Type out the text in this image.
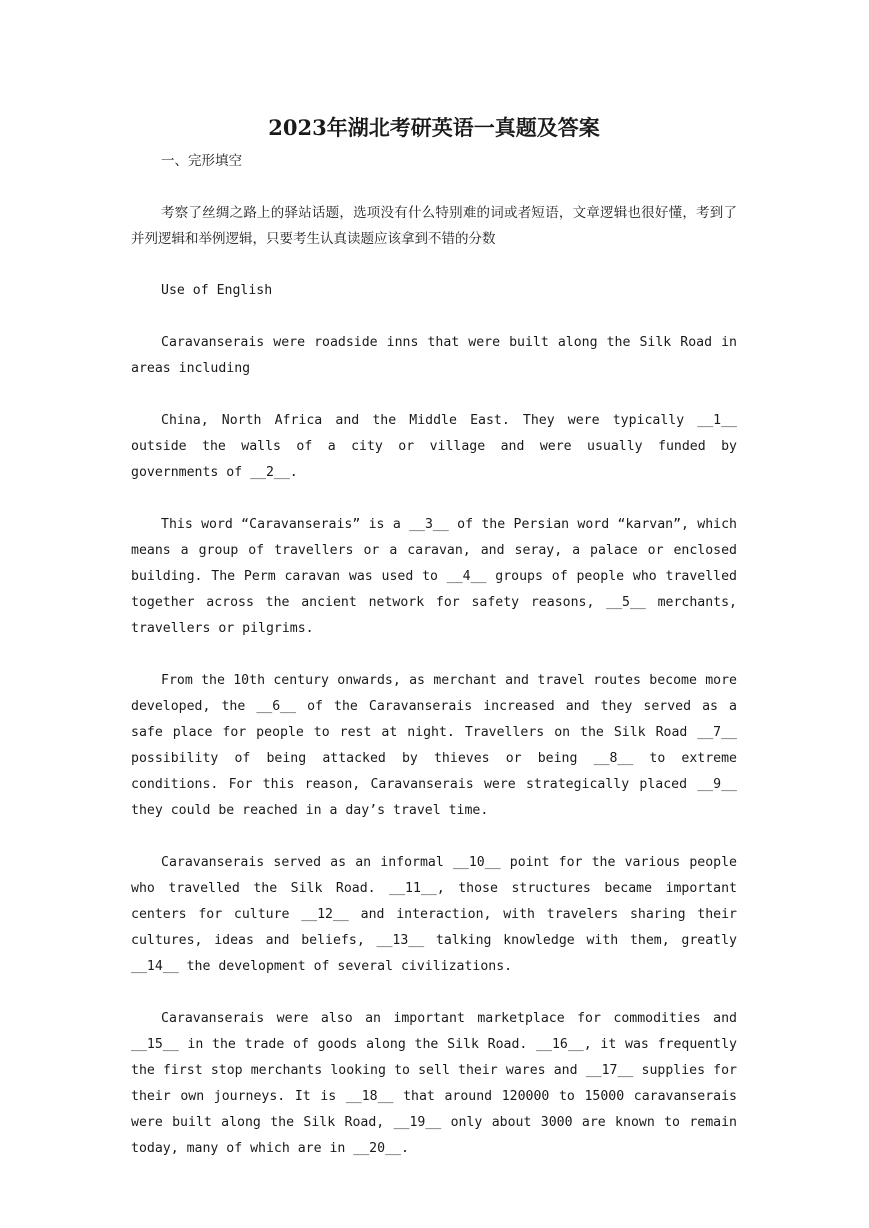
2023年湖北考研英语一真题及答案

一、完形填空

考察了丝绸之路上的驿站话题，选项没有什么特别难的词或者短语，文章逻辑也很好懂，考到了并列逻辑和举例逻辑，只要考生认真读题应该拿到不错的分数

Use of English

Caravanserais were roadside inns that were built along the Silk Road in areas including

China, North Africa and the Middle East. They were typically __1__ outside the walls of a city or village and were usually funded by governments of __2__.

This word “Caravanserais” is a __3__ of the Persian word “karvan”, which means a group of travellers or a caravan, and seray, a palace or enclosed building. The Perm caravan was used to __4__ groups of people who travelled together across the ancient network for safety reasons, __5__ merchants, travellers or pilgrims.

From the 10th century onwards, as merchant and travel routes become more developed, the __6__ of the Caravanserais increased and they served as a safe place for people to rest at night. Travellers on the Silk Road __7__ possibility of being attacked by thieves or being __8__ to extreme conditions. For this reason, Caravanserais were strategically placed __9__ they could be reached in a day’s travel time.

Caravanserais served as an informal __10__ point for the various people who travelled the Silk Road. __11__, those structures became important centers for culture __12__ and interaction, with travelers sharing their cultures, ideas and beliefs, __13__ talking knowledge with them, greatly __14__ the development of several civilizations.

Caravanserais were also an important marketplace for commodities and __15__ in the trade of goods along the Silk Road. __16__, it was frequently the first stop merchants looking to sell their wares and __17__ supplies for their own journeys. It is __18__ that around 120000 to 15000 caravanserais were built along the Silk Road, __19__ only about 3000 are known to remain today, many of which are in __20__.
